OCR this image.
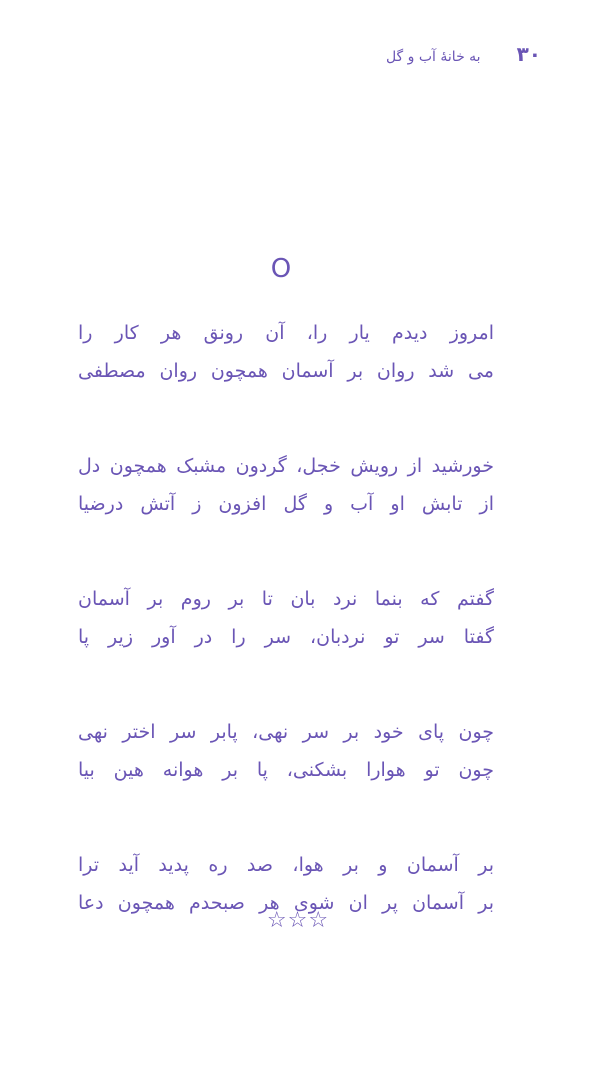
۳۰
به خانهٔ آب و گل
O
امروز دیدم یار را، آن رونق هر کار را
می شد روان بر آسمان همچون روان مصطفی
خورشید از رویش خجل، گردون مشبک همچون دل
از تابش او آب و گل افزون ز آتش درضیا
گفتم که بنما نرد بان تا بر روم بر آسمان
گفتا سر تو نردبان، سر را در آور زیر پا
چون پای خود بر سر نهی، پابر سر اختر نهی
چون تو هوارا بشکنی، پا بر هوانه هین بیا
بر آسمان و بر هوا، صد ره پدید آید ترا
بر آسمان پر ان شوی هر صبحدم همچون دعا
☆☆☆
